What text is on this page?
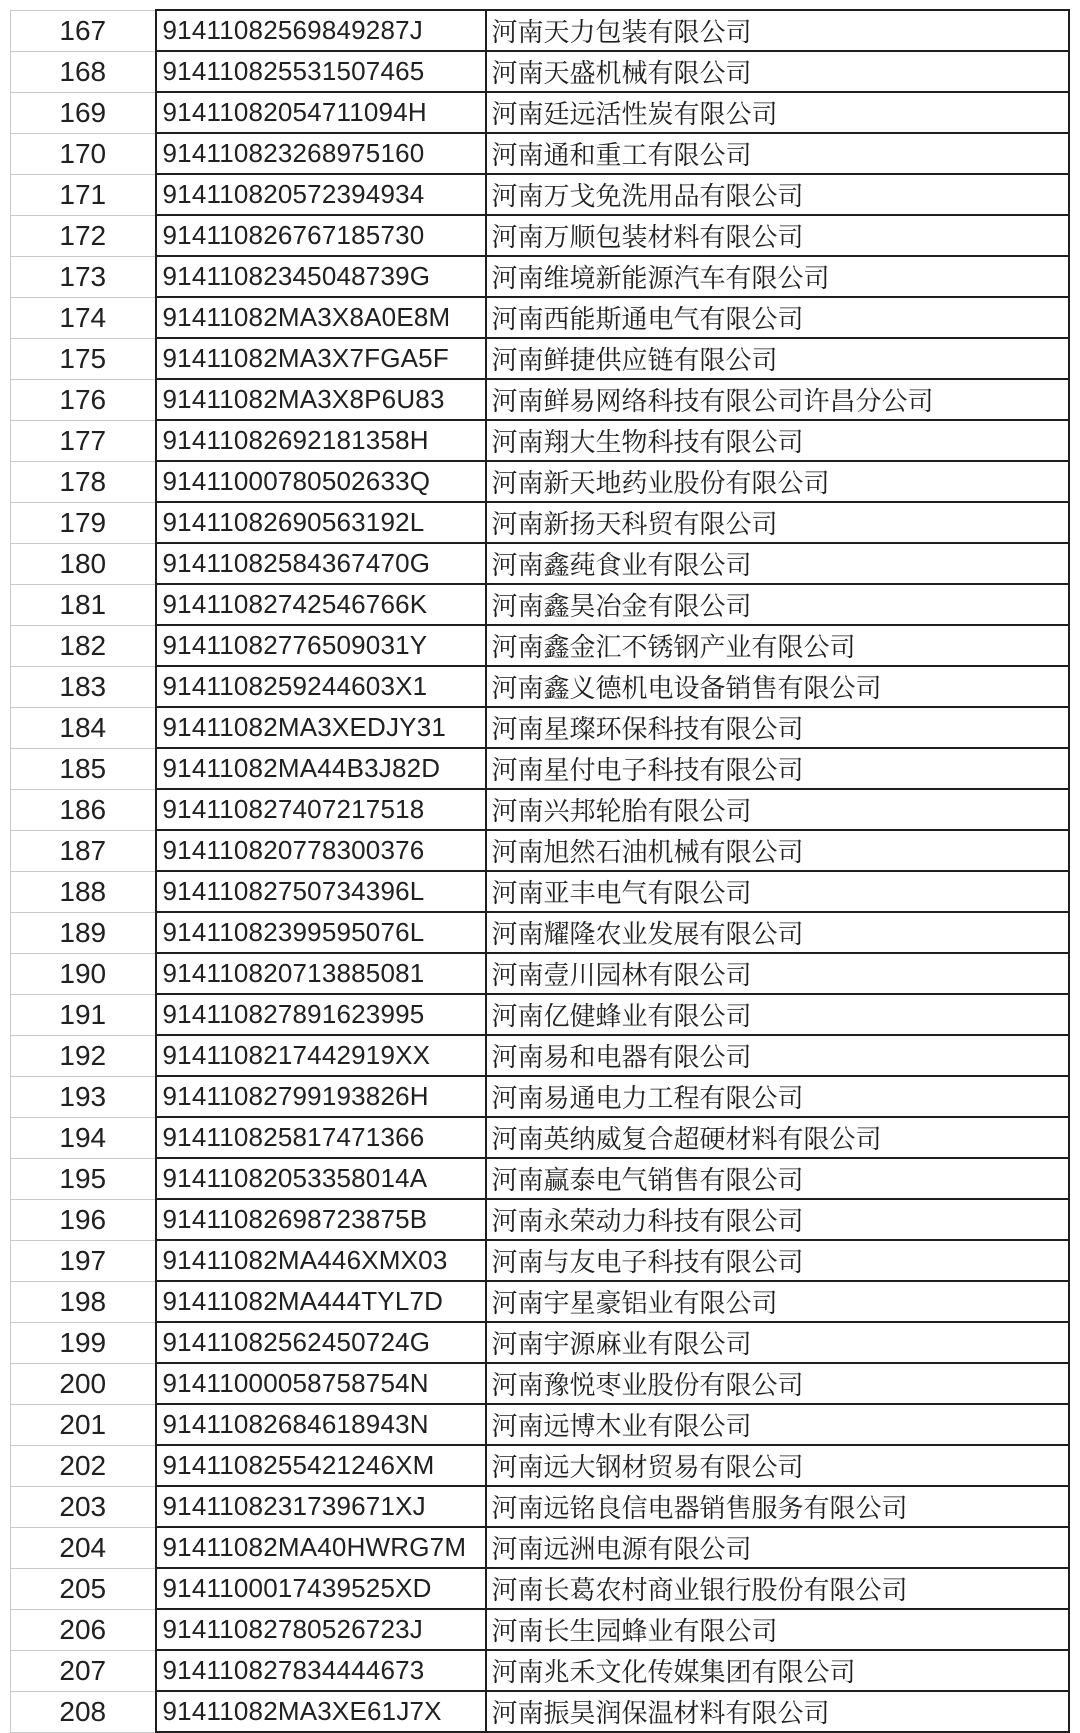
167	91411082569849287J	河南天力包装有限公司
168	914110825531507465	河南天盛机械有限公司
169	91411082054711094H	河南廷远活性炭有限公司
170	914110823268975160	河南通和重工有限公司
171	914110820572394934	河南万戈免洗用品有限公司
172	914110826767185730	河南万顺包装材料有限公司
173	91411082345048739G	河南维境新能源汽车有限公司
174	91411082MA3X8A0E8M	河南西能斯通电气有限公司
175	91411082MA3X7FGA5F	河南鲜捷供应链有限公司
176	91411082MA3X8P6U83	河南鲜易网络科技有限公司许昌分公司
177	91411082692181358H	河南翔大生物科技有限公司
178	91411000780502633Q	河南新天地药业股份有限公司
179	91411082690563192L	河南新扬天科贸有限公司
180	91411082584367470G	河南鑫莼食业有限公司
181	91411082742546766K	河南鑫昊冶金有限公司
182	91411082776509031Y	河南鑫金汇不锈钢产业有限公司
183	9141108259244603X1	河南鑫义德机电设备销售有限公司
184	91411082MA3XEDJY31	河南星璨环保科技有限公司
185	91411082MA44B3J82D	河南星付电子科技有限公司
186	914110827407217518	河南兴邦轮胎有限公司
187	914110820778300376	河南旭然石油机械有限公司
188	91411082750734396L	河南亚丰电气有限公司
189	91411082399595076L	河南耀隆农业发展有限公司
190	914110820713885081	河南壹川园林有限公司
191	914110827891623995	河南亿健蜂业有限公司
192	9141108217442919XX	河南易和电器有限公司
193	91411082799193826H	河南易通电力工程有限公司
194	914110825817471366	河南英纳威复合超硬材料有限公司
195	91411082053358014A	河南赢泰电气销售有限公司
196	91411082698723875B	河南永荣动力科技有限公司
197	91411082MA446XMX03	河南与友电子科技有限公司
198	91411082MA444TYL7D	河南宇星豪铝业有限公司
199	91411082562450724G	河南宇源麻业有限公司
200	91411000058758754N	河南豫悦枣业股份有限公司
201	91411082684618943N	河南远博木业有限公司
202	9141108255421246XM	河南远大钢材贸易有限公司
203	9141108231739671XJ	河南远铭良信电器销售服务有限公司
204	91411082MA40HWRG7M	河南远洲电源有限公司
205	9141100017439525XD	河南长葛农村商业银行股份有限公司
206	91411082780526723J	河南长生园蜂业有限公司
207	914110827834444673	河南兆禾文化传媒集团有限公司
208	91411082MA3XE61J7X	河南振昊润保温材料有限公司
